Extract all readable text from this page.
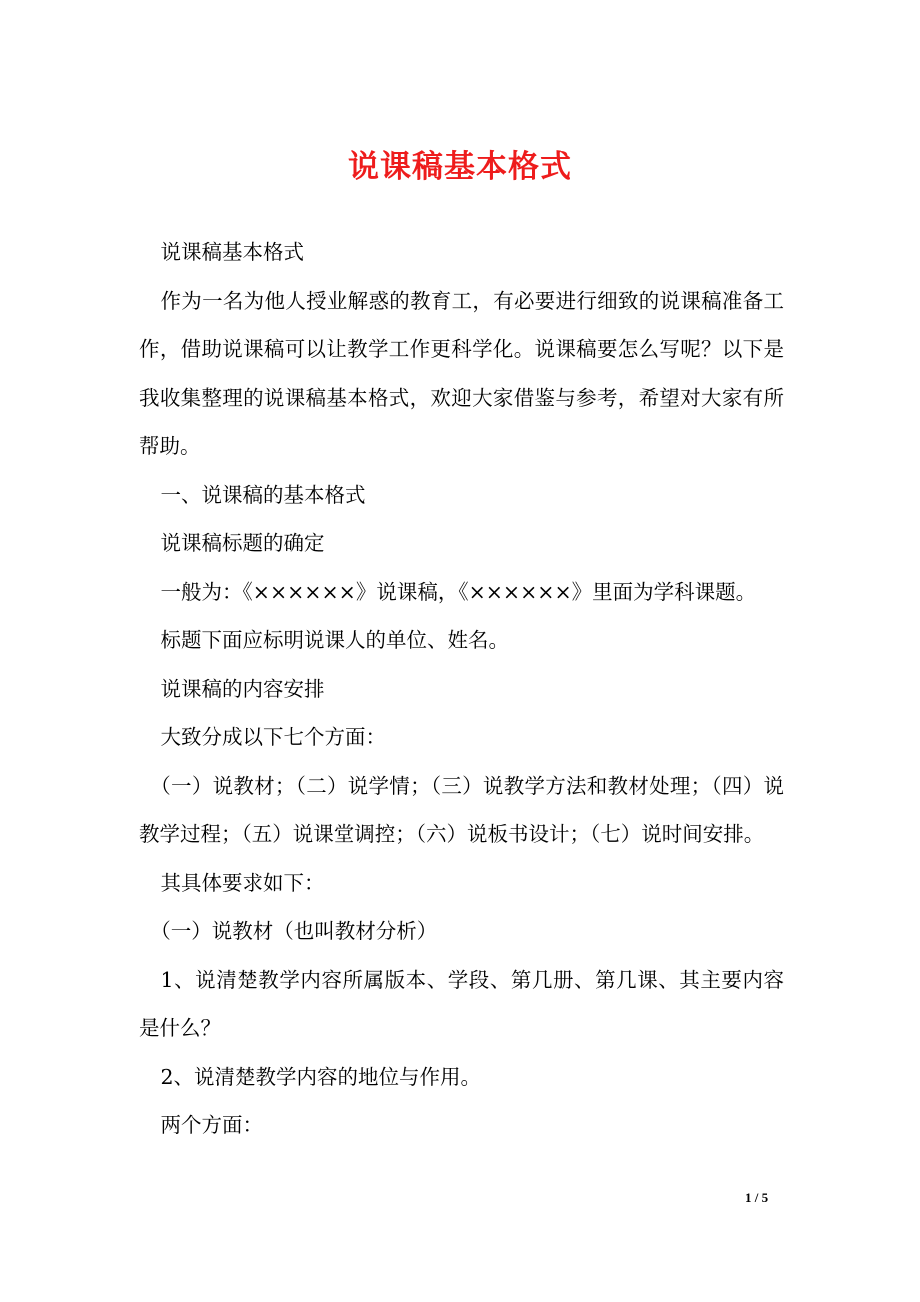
说课稿基本格式

说课稿基本格式

作为一名为他人授业解惑的教育工，有必要进行细致的说课稿准备工作，借助说课稿可以让教学工作更科学化。说课稿要怎么写呢？以下是我收集整理的说课稿基本格式，欢迎大家借鉴与参考，希望对大家有所帮助。

一、说课稿的基本格式

说课稿标题的确定

一般为：《××××××》说课稿，《××××××》里面为学科课题。

标题下面应标明说课人的单位、姓名。

说课稿的内容安排

大致分成以下七个方面：

（一）说教材；（二）说学情；（三）说教学方法和教材处理；（四）说教学过程；（五）说课堂调控；（六）说板书设计；（七）说时间安排。

其具体要求如下：

（一）说教材（也叫教材分析）

1、说清楚教学内容所属版本、学段、第几册、第几课、其主要内容是什么？

2、说清楚教学内容的地位与作用。

两个方面：

1 / 5
